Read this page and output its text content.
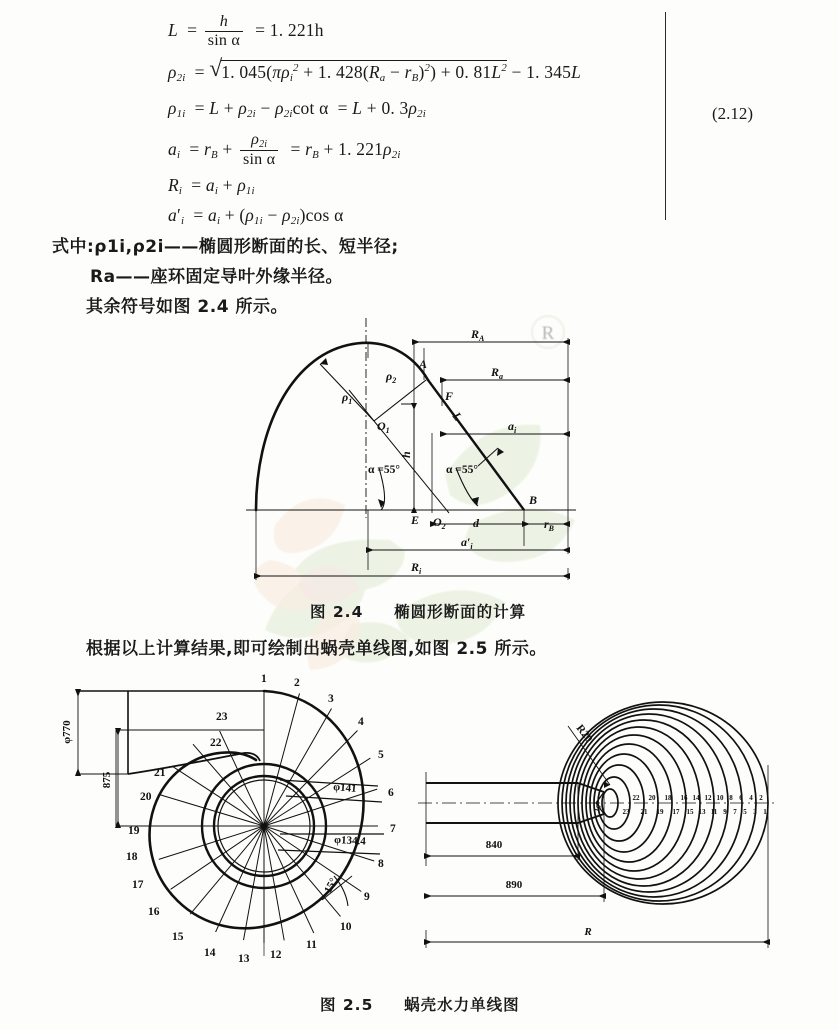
R
$L = \frac{h}{\text{sin α}} = 1$. 221h
$\rho_{2i}$  = √
1. $045(\pi\rho_i^2 + 1$. $428(R_a - r_B)^2) + 0$. $81L^2 - 1$. 345L
$\rho_{1i} = L + \rho_{2i} - \rho_{2i}\cot$ α  = L + 0. $3\rho_{2i}$
$a_i = r_B + \frac{\rho_{2i}}{\text{sin α}} = r_B + 1$. $221\rho_{2i}$
$R_i = a_i + \rho_{1i}$
$a'_i = a_i + (\rho_{1i} - \rho_{2i})\cos$ α
(2.12)
式中:ρ1i,ρ2i——椭圆形断面的长、短半径;
Ra——座环固定导叶外缘半径。
其余符号如图 2.4 所示。
A
B
E
F
$O_1$
$O_2$ d
$\rho_1$
$\rho_2$
$R_A$
$R_a$
$R_i$
$a_i$
$a'_i$
$r_B$
L
h
α =55°	α =55°
图 2.4 椭圆形断面的计算
根据以上计算结果,即可绘制出蜗壳单线图,如图 2.5 所示。
φ770
875	φ141
φ134.4
15°
1 2
3
4
5
6
7
8
9
10
11
12
13
14
15
16
17
18
19
20
21
22
23
R20
10
840
890
R
22 20 18 16 14 12 10 8 6 4 2
23 21 19 17 15 13 11 9 7 5 3 1
图 2.5 蜗壳水力单线图
